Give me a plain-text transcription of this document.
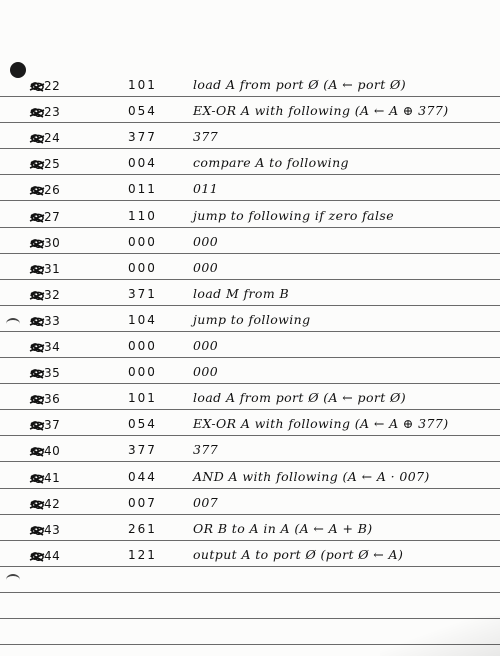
22	101	load A from port Ø (A ← port Ø)
23	054	EX-OR A with following (A ← A ⊕ 377)
24	377	377
25	004	compare A to following
26	011	011
27	110	jump to following if zero false
30	000	000
31	000	000
32	371	load M from B
33	104	jump to following
34	000	000
35	000	000
36	101	load A from port Ø (A ← port Ø)
37	054	EX-OR A with following (A ← A ⊕ 377)
40	377	377
41	044	AND A with following (A ← A · 007)
42	007	007
43	261	OR B to A in A (A ← A + B)
44	121	output A to port Ø (port Ø ← A)
